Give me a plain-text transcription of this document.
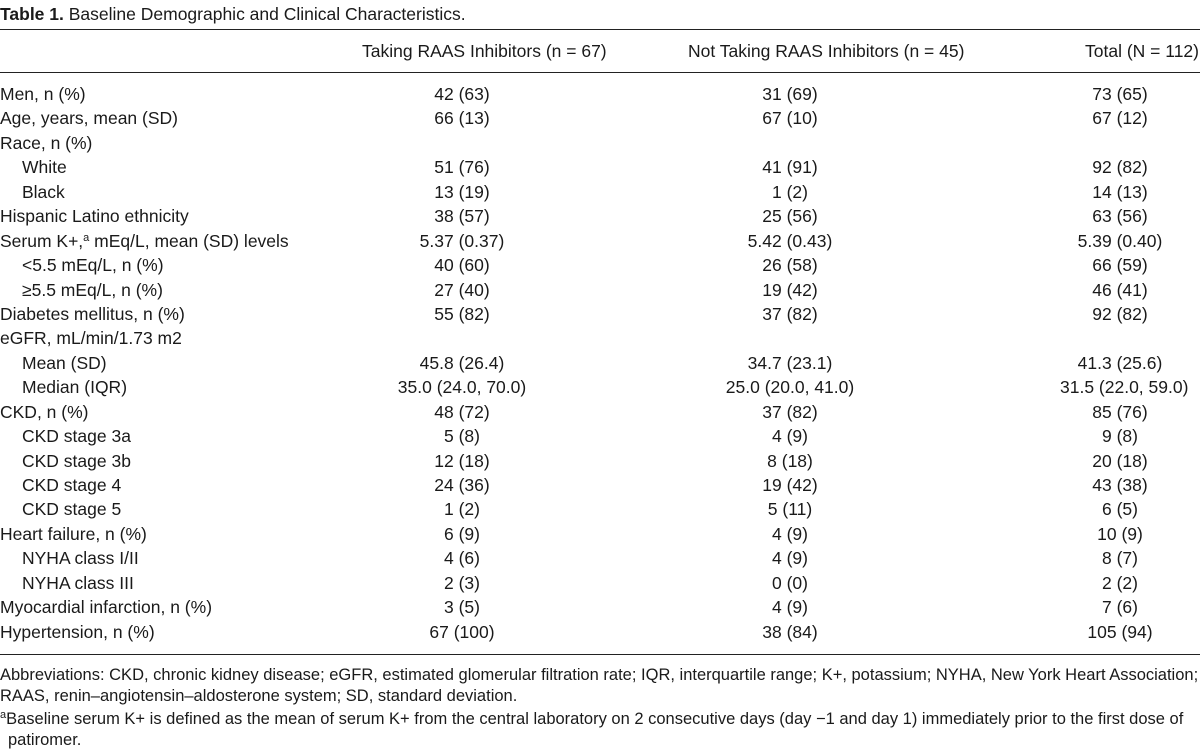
Table 1. Baseline Demographic and Clinical Characteristics.
Taking RAAS Inhibitors (n = 67)	Not Taking RAAS Inhibitors (n = 45)	Total (N = 112)
Men, n (%)	42 (63)	31 (69)	73 (65)
Age, years, mean (SD)	66 (13)	67 (10)	67 (12)
Race, n (%)
White	51 (76)	41 (91)	92 (82)
Black	13 (19)	1 (2)	14 (13)
Hispanic Latino ethnicity	38 (57)	25 (56)	63 (56)
Serum K+,$^a$ mEq/L, mean (SD) levels	5.37 (0.37)	5.42 (0.43)	5.39 (0.40)
<5.5 mEq/L, n (%)	40 (60)	26 (58)	66 (59)
≥5.5 mEq/L, n (%)	27 (40)	19 (42)	46 (41)
Diabetes mellitus, n (%)	55 (82)	37 (82)	92 (82)
eGFR, mL/min/1.73 m2
Mean (SD)	45.8 (26.4)	34.7 (23.1)	41.3 (25.6)
Median (IQR)	35.0 (24.0, 70.0)	25.0 (20.0, 41.0)	31.5 (22.0, 59.0)
CKD, n (%)	48 (72)	37 (82)	85 (76)
CKD stage 3a	5 (8)	4 (9)	9 (8)
CKD stage 3b	12 (18)	8 (18)	20 (18)
CKD stage 4	24 (36)	19 (42)	43 (38)
CKD stage 5	1 (2)	5 (11)	6 (5)
Heart failure, n (%)	6 (9)	4 (9)	10 (9)
NYHA class I/II	4 (6)	4 (9)	8 (7)
NYHA class III	2 (3)	0 (0)	2 (2)
Myocardial infarction, n (%)	3 (5)	4 (9)	7 (6)
Hypertension, n (%)	67 (100)	38 (84)	105 (94)

Abbreviations: CKD, chronic kidney disease; eGFR, estimated glomerular filtration rate; IQR, interquartile range; K+, potassium; NYHA, New York Heart Association; RAAS, renin–angiotensin–aldosterone system; SD, standard deviation.

$^a$Baseline serum K+ is defined as the mean of serum K+ from the central laboratory on 2 consecutive days (day −1 and day 1) immediately prior to the first dose of patiromer.
